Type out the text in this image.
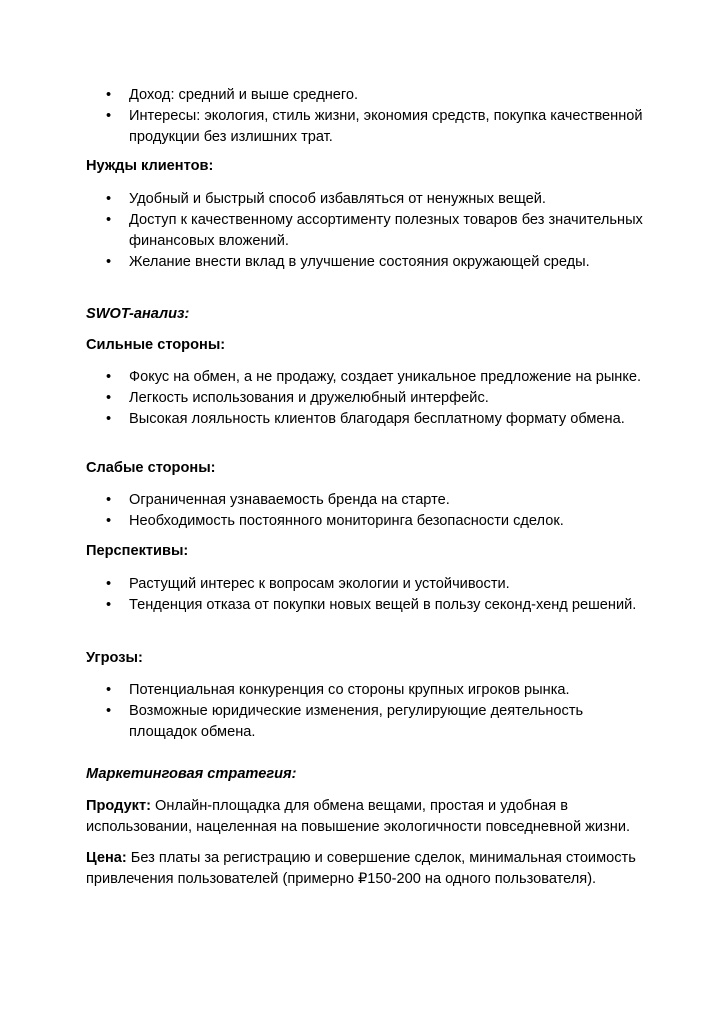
• Доход: средний и выше среднего.
• Интересы: экология, стиль жизни, экономия средств, покупка качественной продукции без излишних трат.
Нужды клиентов:
• Удобный и быстрый способ избавляться от ненужных вещей.
• Доступ к качественному ассортименту полезных товаров без значительных финансовых вложений.
• Желание внести вклад в улучшение состояния окружающей среды.
SWOT-анализ:
Сильные стороны:
• Фокус на обмен, а не продажу, создает уникальное предложение на рынке.
• Легкость использования и дружелюбный интерфейс.
• Высокая лояльность клиентов благодаря бесплатному формату обмена.
Слабые стороны:
• Ограниченная узнаваемость бренда на старте.
• Необходимость постоянного мониторинга безопасности сделок.
Перспективы:
• Растущий интерес к вопросам экологии и устойчивости.
• Тенденция отказа от покупки новых вещей в пользу секонд-хенд решений.
Угрозы:
• Потенциальная конкуренция со стороны крупных игроков рынка.
• Возможные юридические изменения, регулирующие деятельность площадок обмена.
Маркетинговая стратегия:
Продукт: Онлайн-площадка для обмена вещами, простая и удобная в использовании, нацеленная на повышение экологичности повседневной жизни.
Цена: Без платы за регистрацию и совершение сделок, минимальная стоимость привлечения пользователей (примерно ₽150-200 на одного пользователя).
